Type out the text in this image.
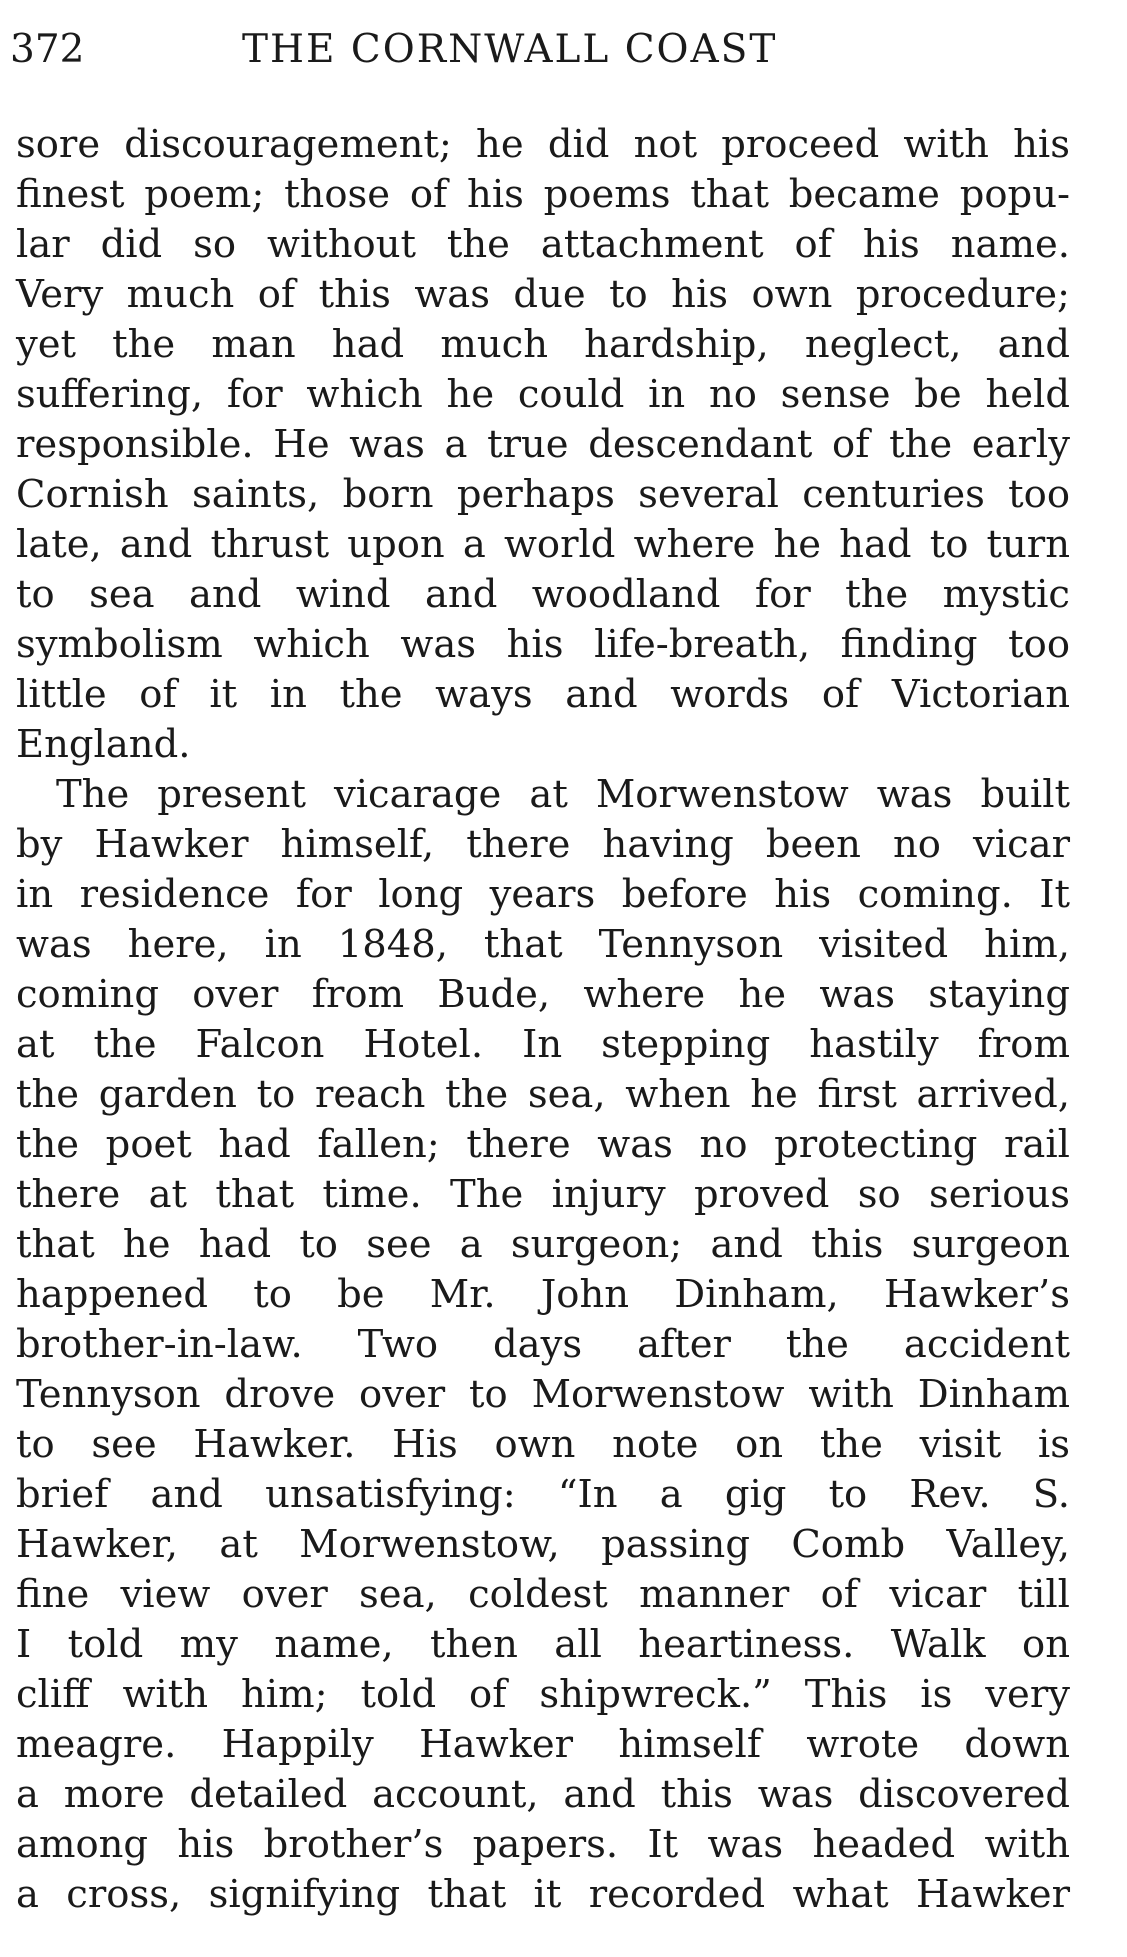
372	THE CORNWALL COAST
sore discouragement; he did not proceed with his
finest poem; those of his poems that became popu-
lar did so without the attachment of his name.
Very much of this was due to his own procedure;
yet the man had much hardship, neglect, and
suffering, for which he could in no sense be held
responsible. He was a true descendant of the early
Cornish saints, born perhaps several centuries too
late, and thrust upon a world where he had to turn
to sea and wind and woodland for the mystic
symbolism which was his life-breath, finding too
little of it in the ways and words of Victorian
England.
The present vicarage at Morwenstow was built
by Hawker himself, there having been no vicar
in residence for long years before his coming. It
was here, in 1848, that Tennyson visited him,
coming over from Bude, where he was staying
at the Falcon Hotel. In stepping hastily from
the garden to reach the sea, when he first arrived,
the poet had fallen; there was no protecting rail
there at that time. The injury proved so serious
that he had to see a surgeon; and this surgeon
happened to be Mr. John Dinham, Hawker’s
brother-in-law. Two days after the accident
Tennyson drove over to Morwenstow with Dinham
to see Hawker. His own note on the visit is
brief and unsatisfying: “In a gig to Rev. S.
Hawker, at Morwenstow, passing Comb Valley,
fine view over sea, coldest manner of vicar till
I told my name, then all heartiness. Walk on
cliff with him; told of shipwreck.” This is very
meagre. Happily Hawker himself wrote down
a more detailed account, and this was discovered
among his brother’s papers. It was headed with
a cross, signifying that it recorded what Hawker
